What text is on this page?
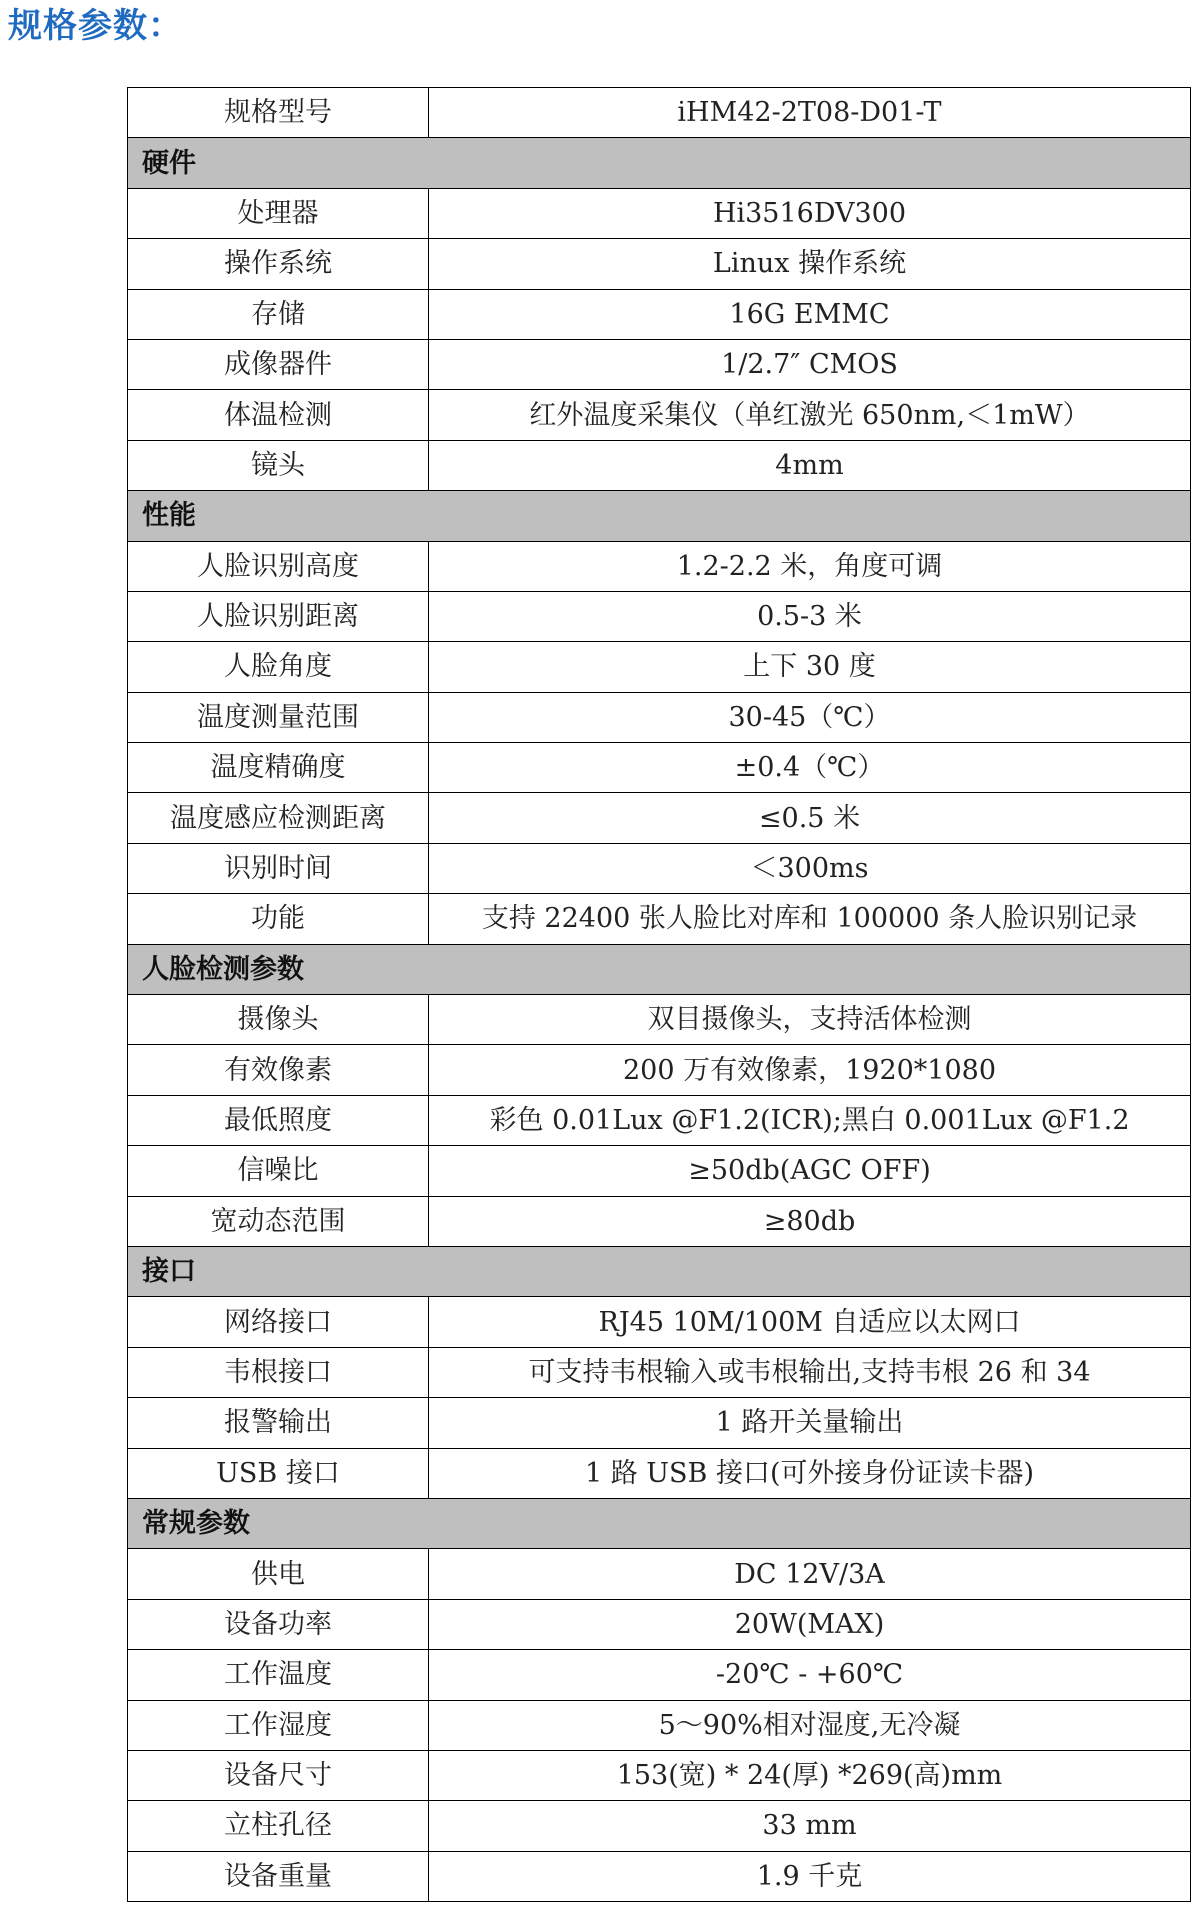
规格参数：
规格型号	iHM42-2T08-D01-T
硬件	
处理器	Hi3516DV300
操作系统	Linux 操作系统
存储	16G EMMC
成像器件	1/2.7″ CMOS
体温检测	红外温度采集仪（单红激光 650nm,＜1mW）
镜头	4mm
性能	
人脸识别高度	1.2-2.2 米，角度可调
人脸识别距离	0.5-3 米
人脸角度	上下 30 度
温度测量范围	30-45（℃）
温度精确度	±0.4（℃）
温度感应检测距离	≤0.5 米
识别时间	＜300ms
功能	支持 22400 张人脸比对库和 100000 条人脸识别记录
人脸检测参数	
摄像头	双目摄像头，支持活体检测
有效像素	200 万有效像素，1920*1080
最低照度	彩色 0.01Lux @F1.2(ICR);黑白 0.001Lux @F1.2
信噪比	≥50db(AGC OFF)
宽动态范围	≥80db
接口	
网络接口	RJ45 10M/100M 自适应以太网口
韦根接口	可支持韦根输入或韦根输出,支持韦根 26 和 34
报警输出	1 路开关量输出
USB 接口	1 路 USB 接口(可外接身份证读卡器)
常规参数	
供电	DC 12V/3A
设备功率	20W(MAX)
工作温度	-20℃ - +60℃
工作湿度	5～90%相对湿度,无冷凝
设备尺寸	153(宽) * 24(厚) *269(高)mm
立柱孔径	33 mm
设备重量	1.9 千克
